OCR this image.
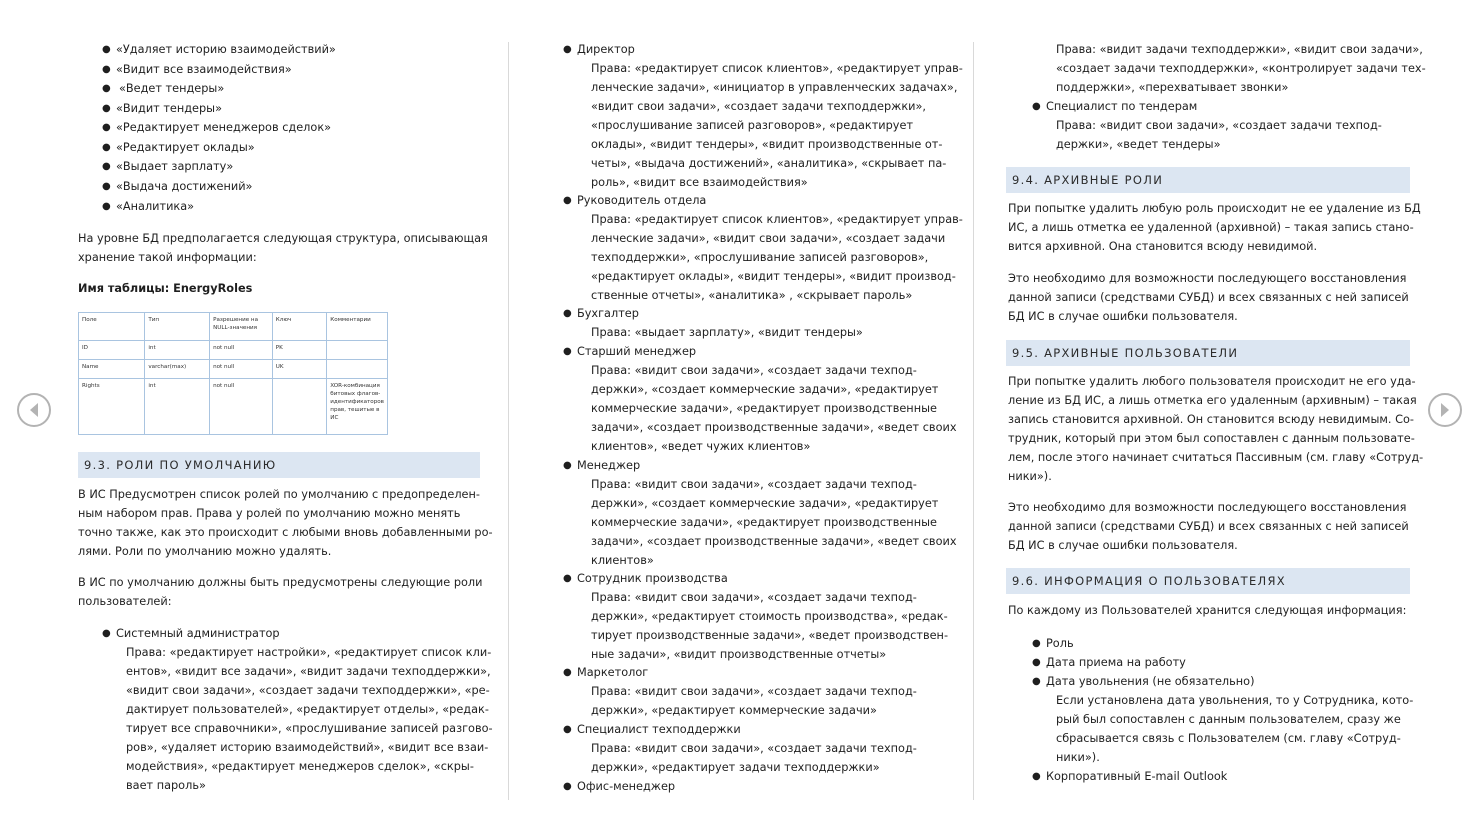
● «Удаляет историю взаимодействий»
● «Видит все взаимодействия»
● «Ведет тендеры»
● «Видит тендеры»
● «Редактирует менеджеров сделок»
● «Редактирует оклады»
● «Выдает зарплату»
● «Выдача достижений»
● «Аналитика»
На уровне БД предполагается следующая структура, описывающая
хранение такой информации:
Имя таблицы: EnergyRoles
Поле	Тип	Разрешение на NULL-значения	Ключ	Комментарии
ID	int	not null	PK	
Name	varchar(max)	not null	UK	
Rights	int	not null		XOR-комбинация битовых флагов-идентификаторов прав, тешитые в ИС
9.3. РОЛИ ПО УМОЛЧАНИЮ
В ИС Предусмотрен список ролей по умолчанию с предопределен-
ным набором прав. Права у ролей по умолчанию можно менять
точно также, как это происходит с любыми вновь добавленными ро-
лями. Роли по умолчанию можно удалять.
В ИС по умолчанию должны быть предусмотрены следующие роли
пользователей:
● Системный администратор
Права: «редактирует настройки», «редактирует список кли-
ентов», «видит все задачи», «видит задачи техподдержки»,
«видит свои задачи», «создает задачи техподдержки», «ре-
дактирует пользователей», «редактирует отделы», «редак-
тирует все справочники», «прослушивание записей разгово-
ров», «удаляет историю взаимодействий», «видит все взаи-
модействия», «редактирует менеджеров сделок», «скры-
вает пароль»
● Директор
Права: «редактирует список клиентов», «редактирует управ-
ленческие задачи», «инициатор в управленческих задачах»,
«видит свои задачи», «создает задачи техподдержки»,
«прослушивание записей разговоров», «редактирует
оклады», «видит тендеры», «видит производственные от-
четы», «выдача достижений», «аналитика», «скрывает па-
роль», «видит все взаимодействия»
● Руководитель отдела
Права: «редактирует список клиентов», «редактирует управ-
ленческие задачи», «видит свои задачи», «создает задачи
техподдержки», «прослушивание записей разговоров»,
«редактирует оклады», «видит тендеры», «видит производ-
ственные отчеты», «аналитика» , «скрывает пароль»
● Бухгалтер
Права: «выдает зарплату», «видит тендеры»
● Старший менеджер
Права: «видит свои задачи», «создает задачи техпод-
держки», «создает коммерческие задачи», «редактирует
коммерческие задачи», «редактирует производственные
задачи», «создает производственные задачи», «ведет своих
клиентов», «ведет чужих клиентов»
● Менеджер
Права: «видит свои задачи», «создает задачи техпод-
держки», «создает коммерческие задачи», «редактирует
коммерческие задачи», «редактирует производственные
задачи», «создает производственные задачи», «ведет своих
клиентов»
● Сотрудник производства
Права: «видит свои задачи», «создает задачи техпод-
держки», «редактирует стоимость производства», «редак-
тирует производственные задачи», «ведет производствен-
ные задачи», «видит производственные отчеты»
● Маркетолог
Права: «видит свои задачи», «создает задачи техпод-
держки», «редактирует коммерческие задачи»
● Специалист техподдержки
Права: «видит свои задачи», «создает задачи техпод-
держки», «редактирует задачи техподдержки»
● Офис-менеджер
Права: «видит задачи техподдержки», «видит свои задачи»,
«создает задачи техподдержки», «контролирует задачи тех-
поддержки», «перехватывает звонки»
● Специалист по тендерам
Права: «видит свои задачи», «создает задачи техпод-
держки», «ведет тендеры»
9.4. АРХИВНЫЕ РОЛИ
При попытке удалить любую роль происходит не ее удаление из БД
ИС, а лишь отметка ее удаленной (архивной) – такая запись стано-
вится архивной. Она становится всюду невидимой.
Это необходимо для возможности последующего восстановления
данной записи (средствами СУБД) и всех связанных с ней записей
БД ИС в случае ошибки пользователя.
9.5. АРХИВНЫЕ ПОЛЬЗОВАТЕЛИ
При попытке удалить любого пользователя происходит не его уда-
ление из БД ИС, а лишь отметка его удаленным (архивным) – такая
запись становится архивной. Он становится всюду невидимым. Со-
трудник, который при этом был сопоставлен с данным пользовате-
лем, после этого начинает считаться Пассивным (см. главу «Сотруд-
ники»).
Это необходимо для возможности последующего восстановления
данной записи (средствами СУБД) и всех связанных с ней записей
БД ИС в случае ошибки пользователя.
9.6. ИНФОРМАЦИЯ О ПОЛЬЗОВАТЕЛЯХ
По каждому из Пользователей хранится следующая информация:
● Роль
● Дата приема на работу
● Дата увольнения (не обязательно)
Если установлена дата увольнения, то у Сотрудника, кото-
рый был сопоставлен с данным пользователем, сразу же
сбрасывается связь с Пользователем (см. главу «Сотруд-
ники»).
● Корпоративный E-mail Outlook
